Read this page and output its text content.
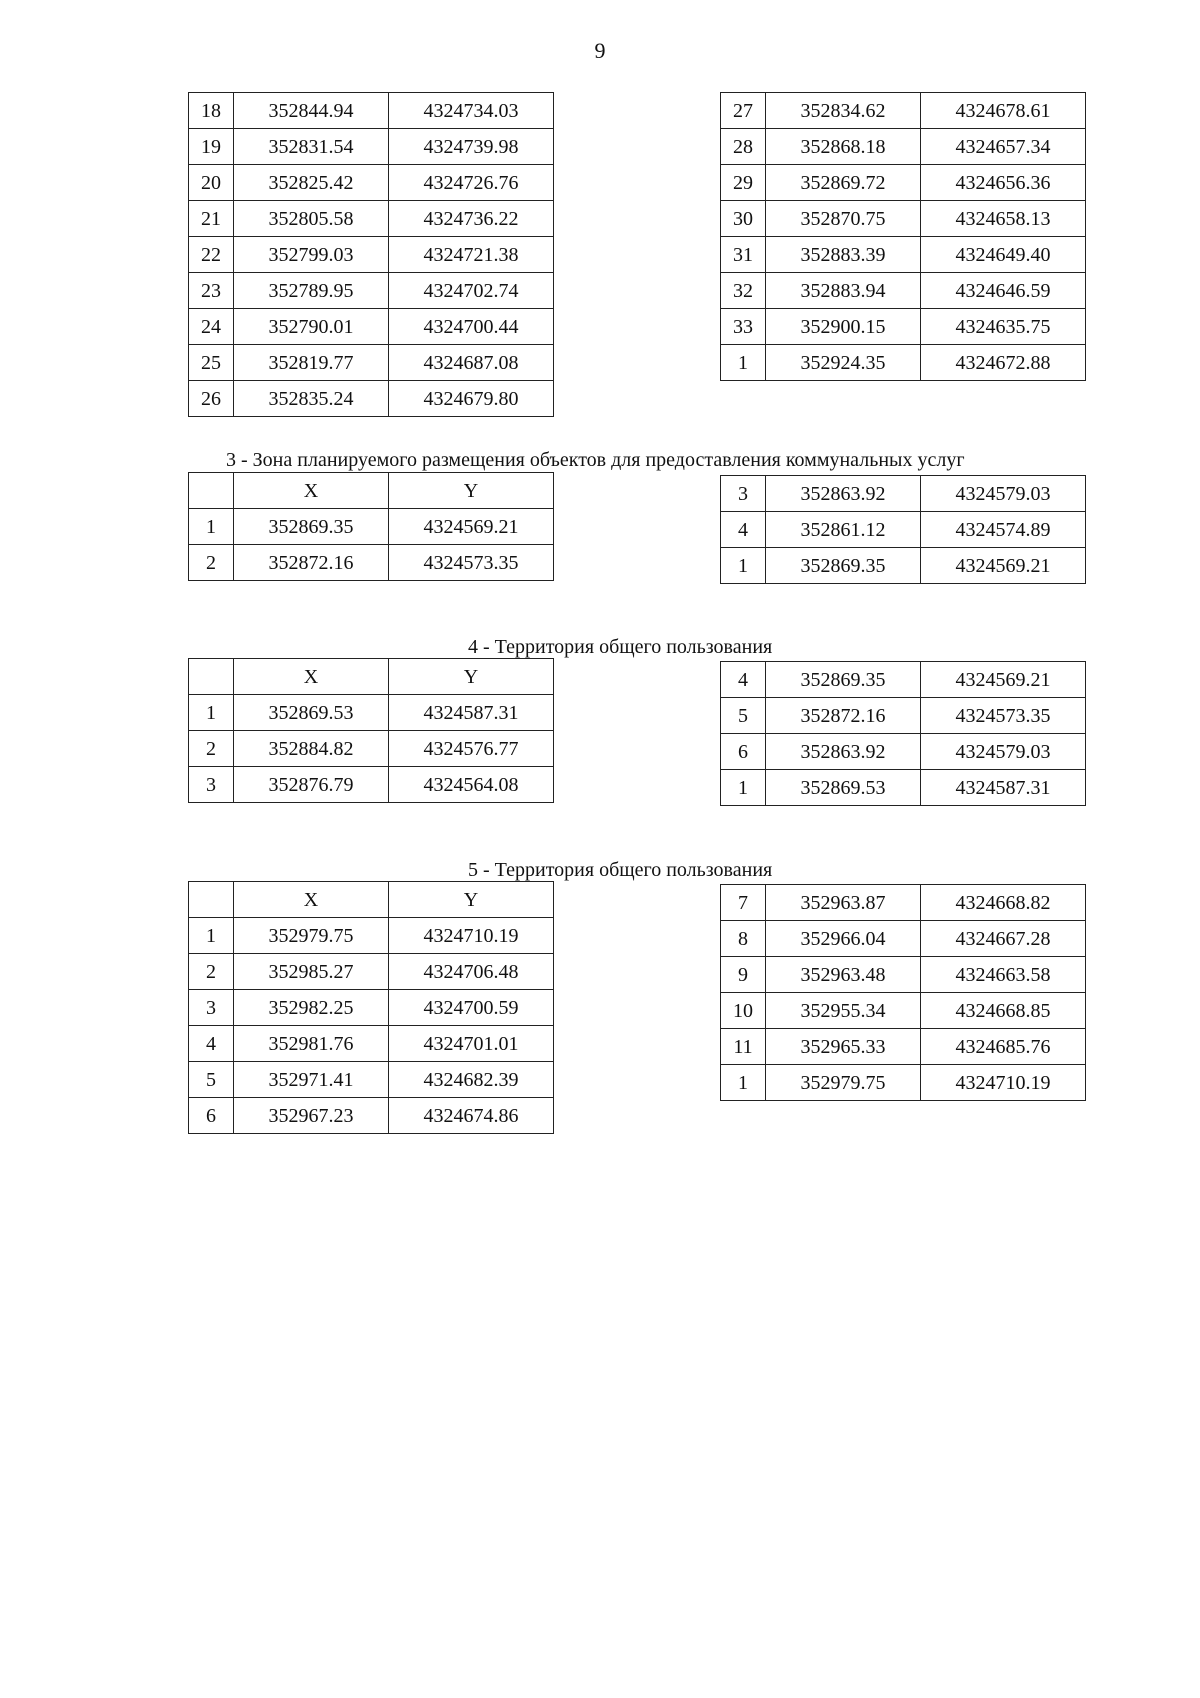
9
18	352844.94	4324734.03
19	352831.54	4324739.98
20	352825.42	4324726.76
21	352805.58	4324736.22
22	352799.03	4324721.38
23	352789.95	4324702.74
24	352790.01	4324700.44
25	352819.77	4324687.08
26	352835.24	4324679.80
27	352834.62	4324678.61
28	352868.18	4324657.34
29	352869.72	4324656.36
30	352870.75	4324658.13
31	352883.39	4324649.40
32	352883.94	4324646.59
33	352900.15	4324635.75
1	352924.35	4324672.88
3 - Зона планируемого размещения объектов для предоставления коммунальных услуг
	X	Y
1	352869.35	4324569.21
2	352872.16	4324573.35
3	352863.92	4324579.03
4	352861.12	4324574.89
1	352869.35	4324569.21
4 - Территория общего пользования
	X	Y
1	352869.53	4324587.31
2	352884.82	4324576.77
3	352876.79	4324564.08
4	352869.35	4324569.21
5	352872.16	4324573.35
6	352863.92	4324579.03
1	352869.53	4324587.31
5 - Территория общего пользования
	X	Y
1	352979.75	4324710.19
2	352985.27	4324706.48
3	352982.25	4324700.59
4	352981.76	4324701.01
5	352971.41	4324682.39
6	352967.23	4324674.86
7	352963.87	4324668.82
8	352966.04	4324667.28
9	352963.48	4324663.58
10	352955.34	4324668.85
11	352965.33	4324685.76
1	352979.75	4324710.19
